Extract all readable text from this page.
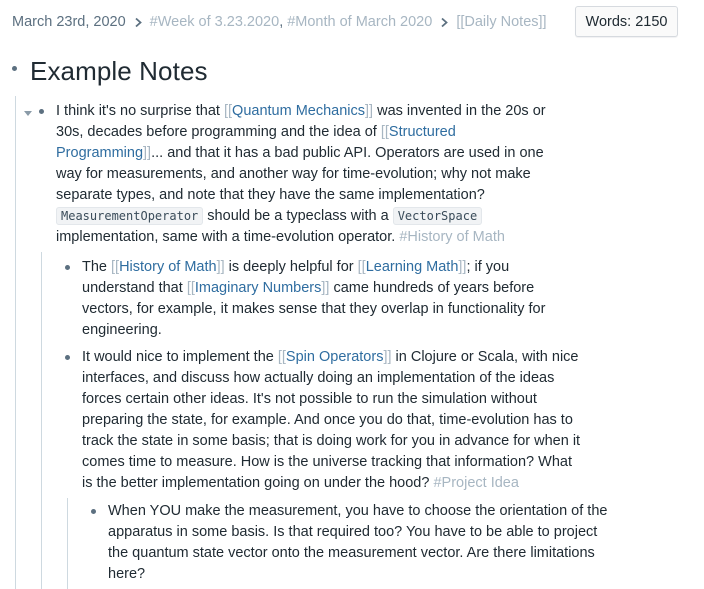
March 23rd, 2020 #Week of 3.23.2020 , #Month of March 2020 [[Daily Notes]]	Words: 2150
Example Notes
I think it's no surprise that [[Quantum Mechanics]] was invented in the 20s or
30s, decades before programming and the idea of [[Structured
Programming]]... and that it has a bad public API. Operators are used in one
way for measurements, and another way for time-evolution; why not make
separate types, and note that they have the same implementation?
MeasurementOperator should be a typeclass with a VectorSpace
implementation, same with a time-evolution operator. #History of Math
The [[History of Math]] is deeply helpful for [[Learning Math]]; if you
understand that [[Imaginary Numbers]] came hundreds of years before
vectors, for example, it makes sense that they overlap in functionality for
engineering.
It would nice to implement the [[Spin Operators]] in Clojure or Scala, with nice
interfaces, and discuss how actually doing an implementation of the ideas
forces certain other ideas. It's not possible to run the simulation without
preparing the state, for example. And once you do that, time-evolution has to
track the state in some basis; that is doing work for you in advance for when it
comes time to measure. How is the universe tracking that information? What
is the better implementation going on under the hood? #Project Idea
When YOU make the measurement, you have to choose the orientation of the
apparatus in some basis. Is that required too? You have to be able to project
the quantum state vector onto the measurement vector. Are there limitations
here?
